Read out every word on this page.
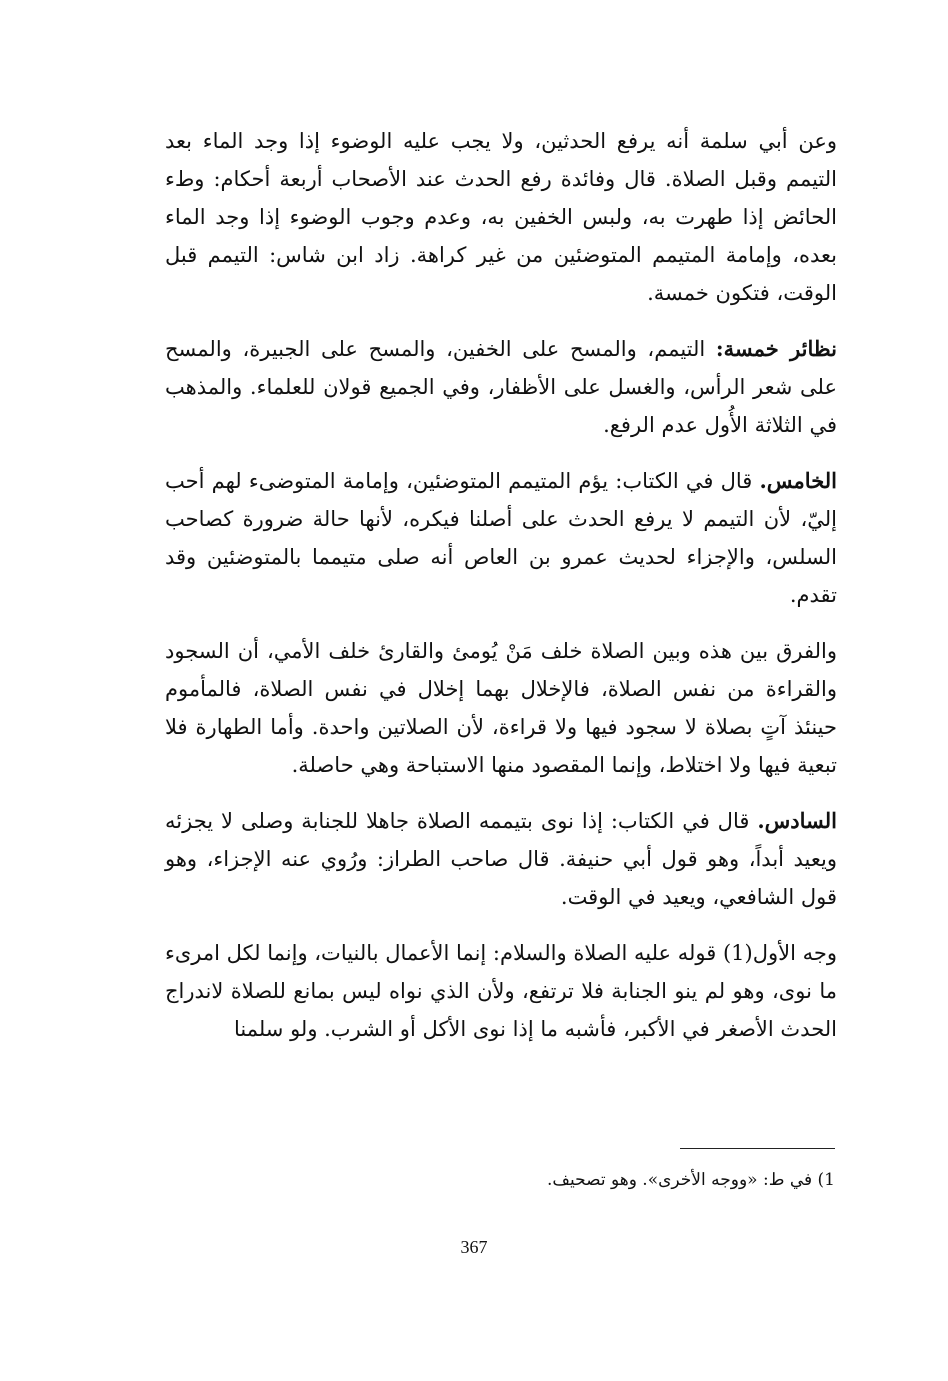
وعن أبي سلمة أنه يرفع الحدثين، ولا يجب عليه الوضوء إذا وجد الماء بعد التيمم وقبل الصلاة. قال وفائدة رفع الحدث عند الأصحاب أربعة أحكام: وطء الحائض إذا طهرت به، ولبس الخفين به، وعدم وجوب الوضوء إذا وجد الماء بعده، وإمامة المتيمم المتوضئين من غير كراهة. زاد ابن شاس: التيمم قبل الوقت، فتكون خمسة.

نظائر خمسة: التيمم، والمسح على الخفين، والمسح على الجبيرة، والمسح على شعر الرأس، والغسل على الأظفار، وفي الجميع قولان للعلماء. والمذهب في الثلاثة الأُول عدم الرفع.

الخامس. قال في الكتاب: يؤم المتيمم المتوضئين، وإمامة المتوضىء لهم أحب إليّ، لأن التيمم لا يرفع الحدث على أصلنا فيكره، لأنها حالة ضرورة كصاحب السلس، والإجزاء لحديث عمرو بن العاص أنه صلى متيمما بالمتوضئين وقد تقدم.

والفرق بين هذه وبين الصلاة خلف مَنْ يُومئ والقارئ خلف الأمي، أن السجود والقراءة من نفس الصلاة، فالإخلال بهما إخلال في نفس الصلاة، فالمأموم حينئذ آتٍ بصلاة لا سجود فيها ولا قراءة، لأن الصلاتين واحدة. وأما الطهارة فلا تبعية فيها ولا اختلاط، وإنما المقصود منها الاستباحة وهي حاصلة.

السادس. قال في الكتاب: إذا نوى بتيممه الصلاة جاهلا للجنابة وصلى لا يجزئه ويعيد أبداً، وهو قول أبي حنيفة. قال صاحب الطراز: ورُوي عنه الإجزاء، وهو قول الشافعي، ويعيد في الوقت.

وجه الأول(1) قوله عليه الصلاة والسلام: إنما الأعمال بالنيات، وإنما لكل امرىء ما نوى، وهو لم ينو الجنابة فلا ترتفع، ولأن الذي نواه ليس بمانع للصلاة لاندراج الحدث الأصغر في الأكبر، فأشبه ما إذا نوى الأكل أو الشرب. ولو سلمنا

1) في ط: «ووجه الأخرى». وهو تصحيف.
367
